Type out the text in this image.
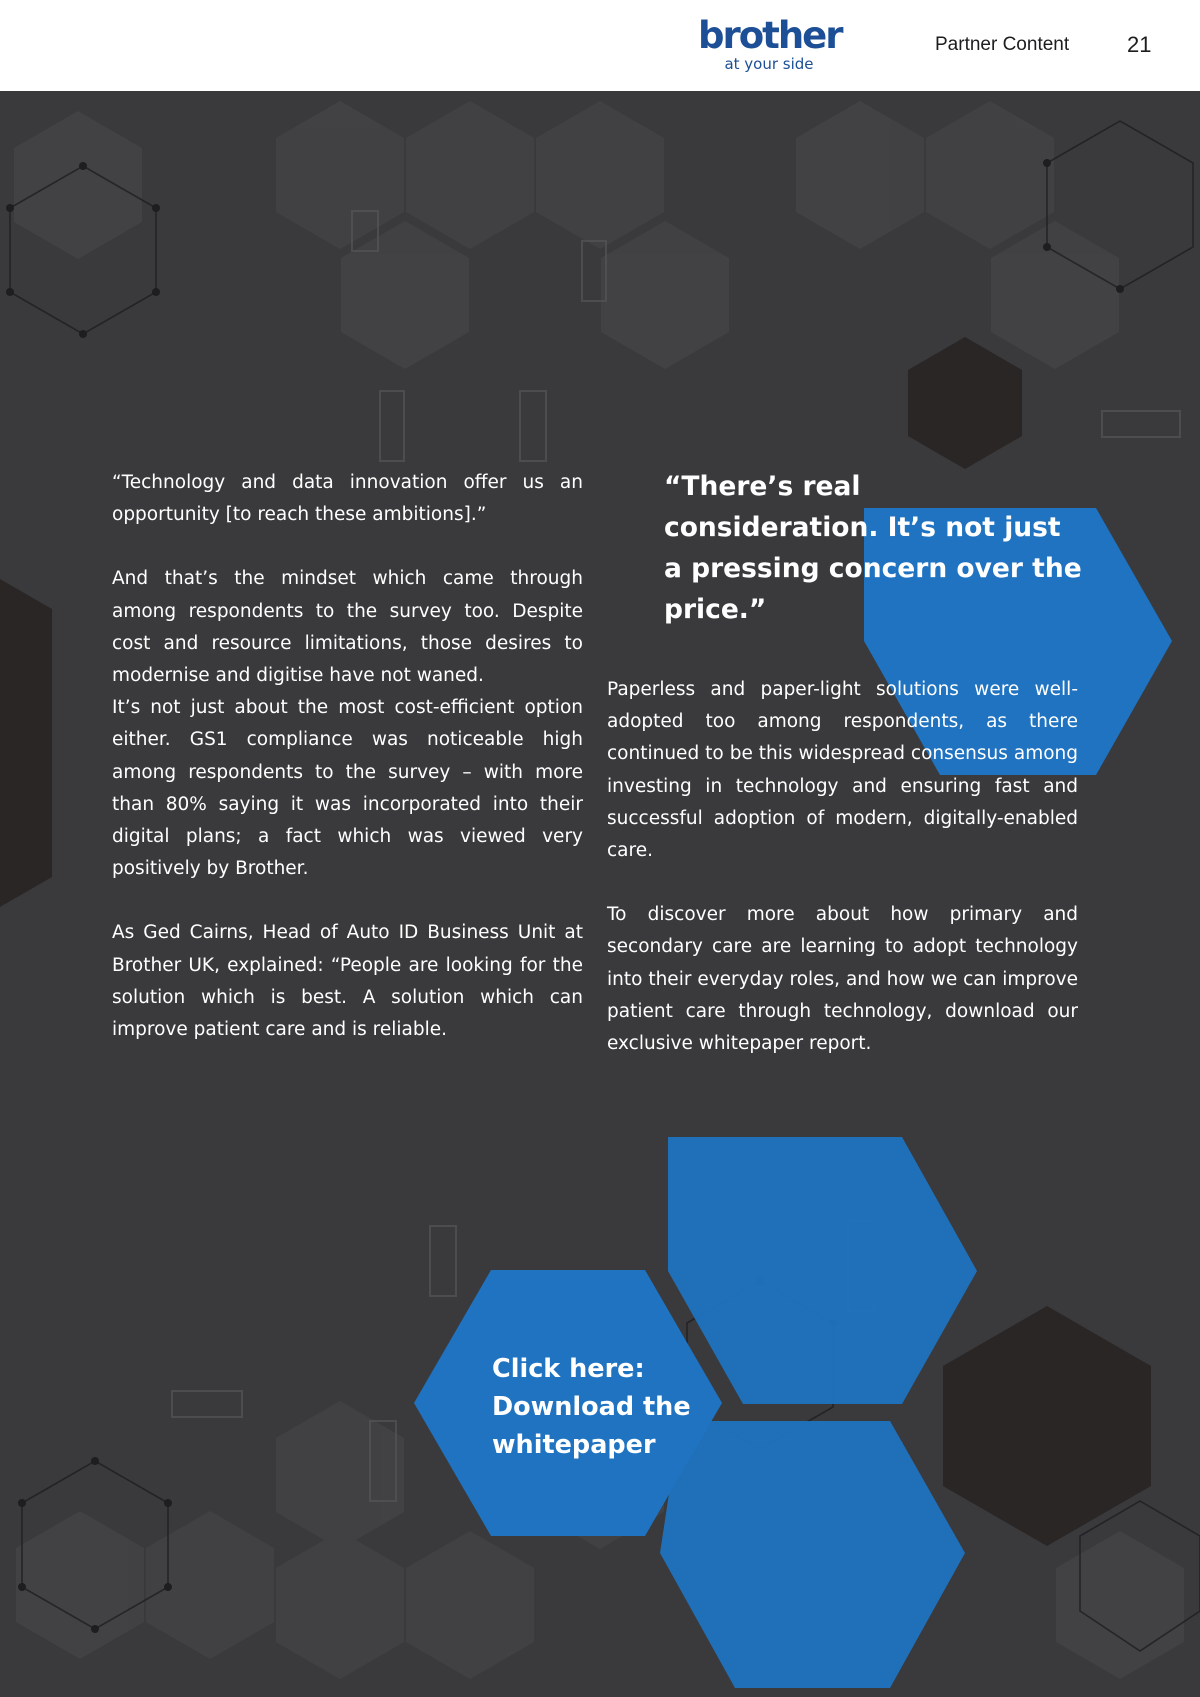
brother
at your side
Partner Content	21

“Technology and data innovation offer us an opportunity [to reach these ambitions].”

And that’s the mindset which came through among respondents to the survey too. Despite cost and resource limitations, those desires to modernise and digitise have not waned.

It’s not just about the most cost-efficient option either. GS1 compliance was noticeable high among respondents to the survey – with more than 80% saying it was incorporated into their digital plans; a fact which was viewed very positively by Brother.

As Ged Cairns, Head of Auto ID Business Unit at Brother UK, explained: “People are looking for the solution which is best. A solution which can improve patient care and is reliable.

“There’s real consideration. It’s not just a pressing concern over the price.”

Paperless and paper-light solutions were well-adopted too among respondents, as there continued to be this widespread consensus among investing in technology and ensuring fast and successful adoption of modern, digitally-enabled care.

To discover more about how primary and secondary care are learning to adopt technology into their everyday roles, and how we can improve patient care through technology, download our exclusive whitepaper report.

Click here: Download the whitepaper
